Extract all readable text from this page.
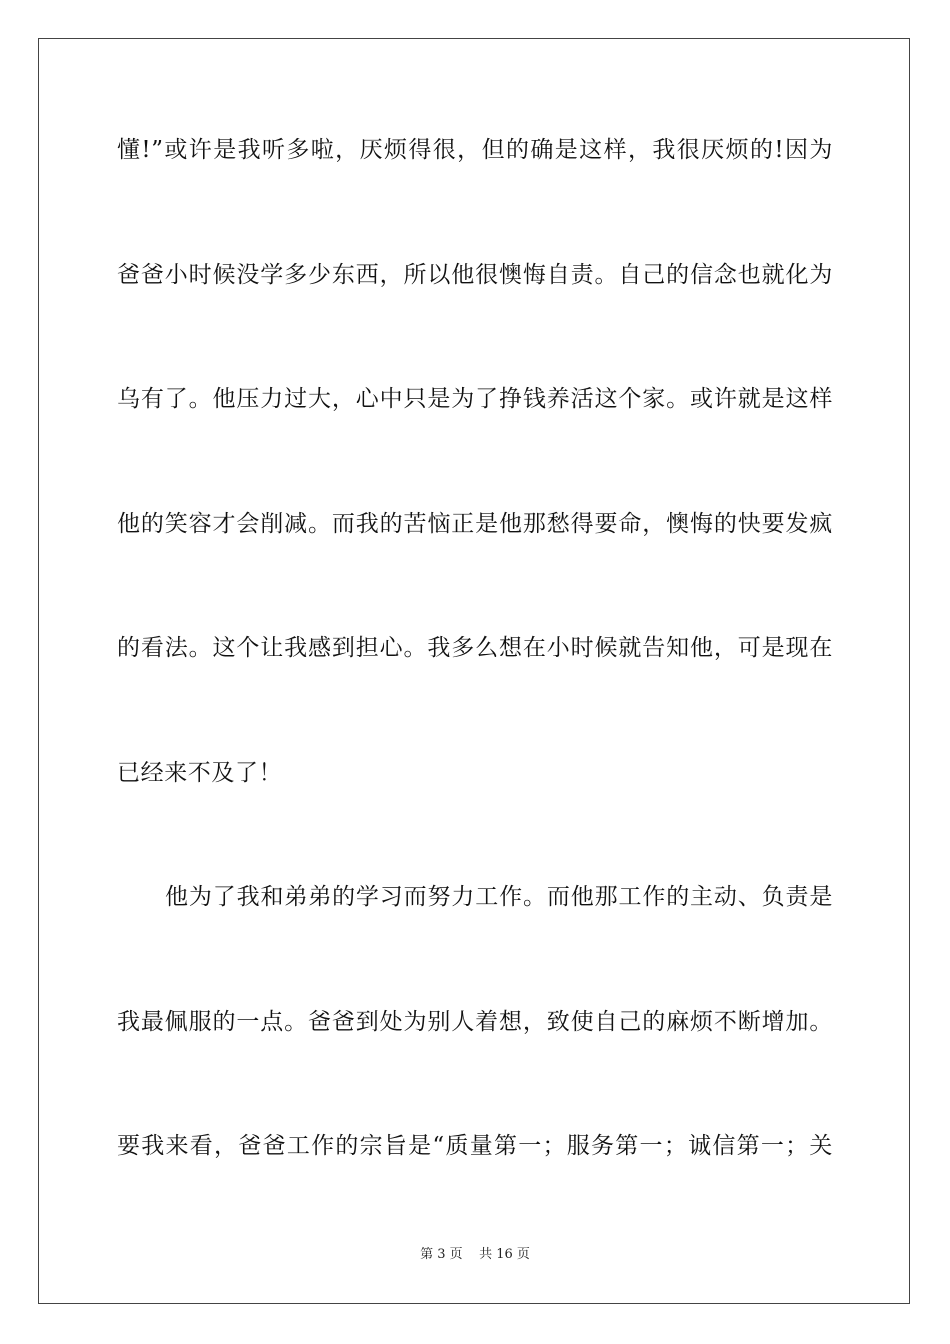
懂!”或许是我听多啦，厌烦得很，但的确是这样，我很厌烦的!因为
爸爸小时候没学多少东西，所以他很懊悔自责。自己的信念也就化为
乌有了。他压力过大，心中只是为了挣钱养活这个家。或许就是这样
他的笑容才会削减。而我的苦恼正是他那愁得要命，懊悔的快要发疯
的看法。这个让我感到担心。我多么想在小时候就告知他，可是现在
已经来不及了！
他为了我和弟弟的学习而努力工作。而他那工作的主动、负责是
我最佩服的一点。爸爸到处为别人着想，致使自己的麻烦不断增加。
要我来看，爸爸工作的宗旨是“质量第一；服务第一；诚信第一；关
第 3 页    共 16 页
